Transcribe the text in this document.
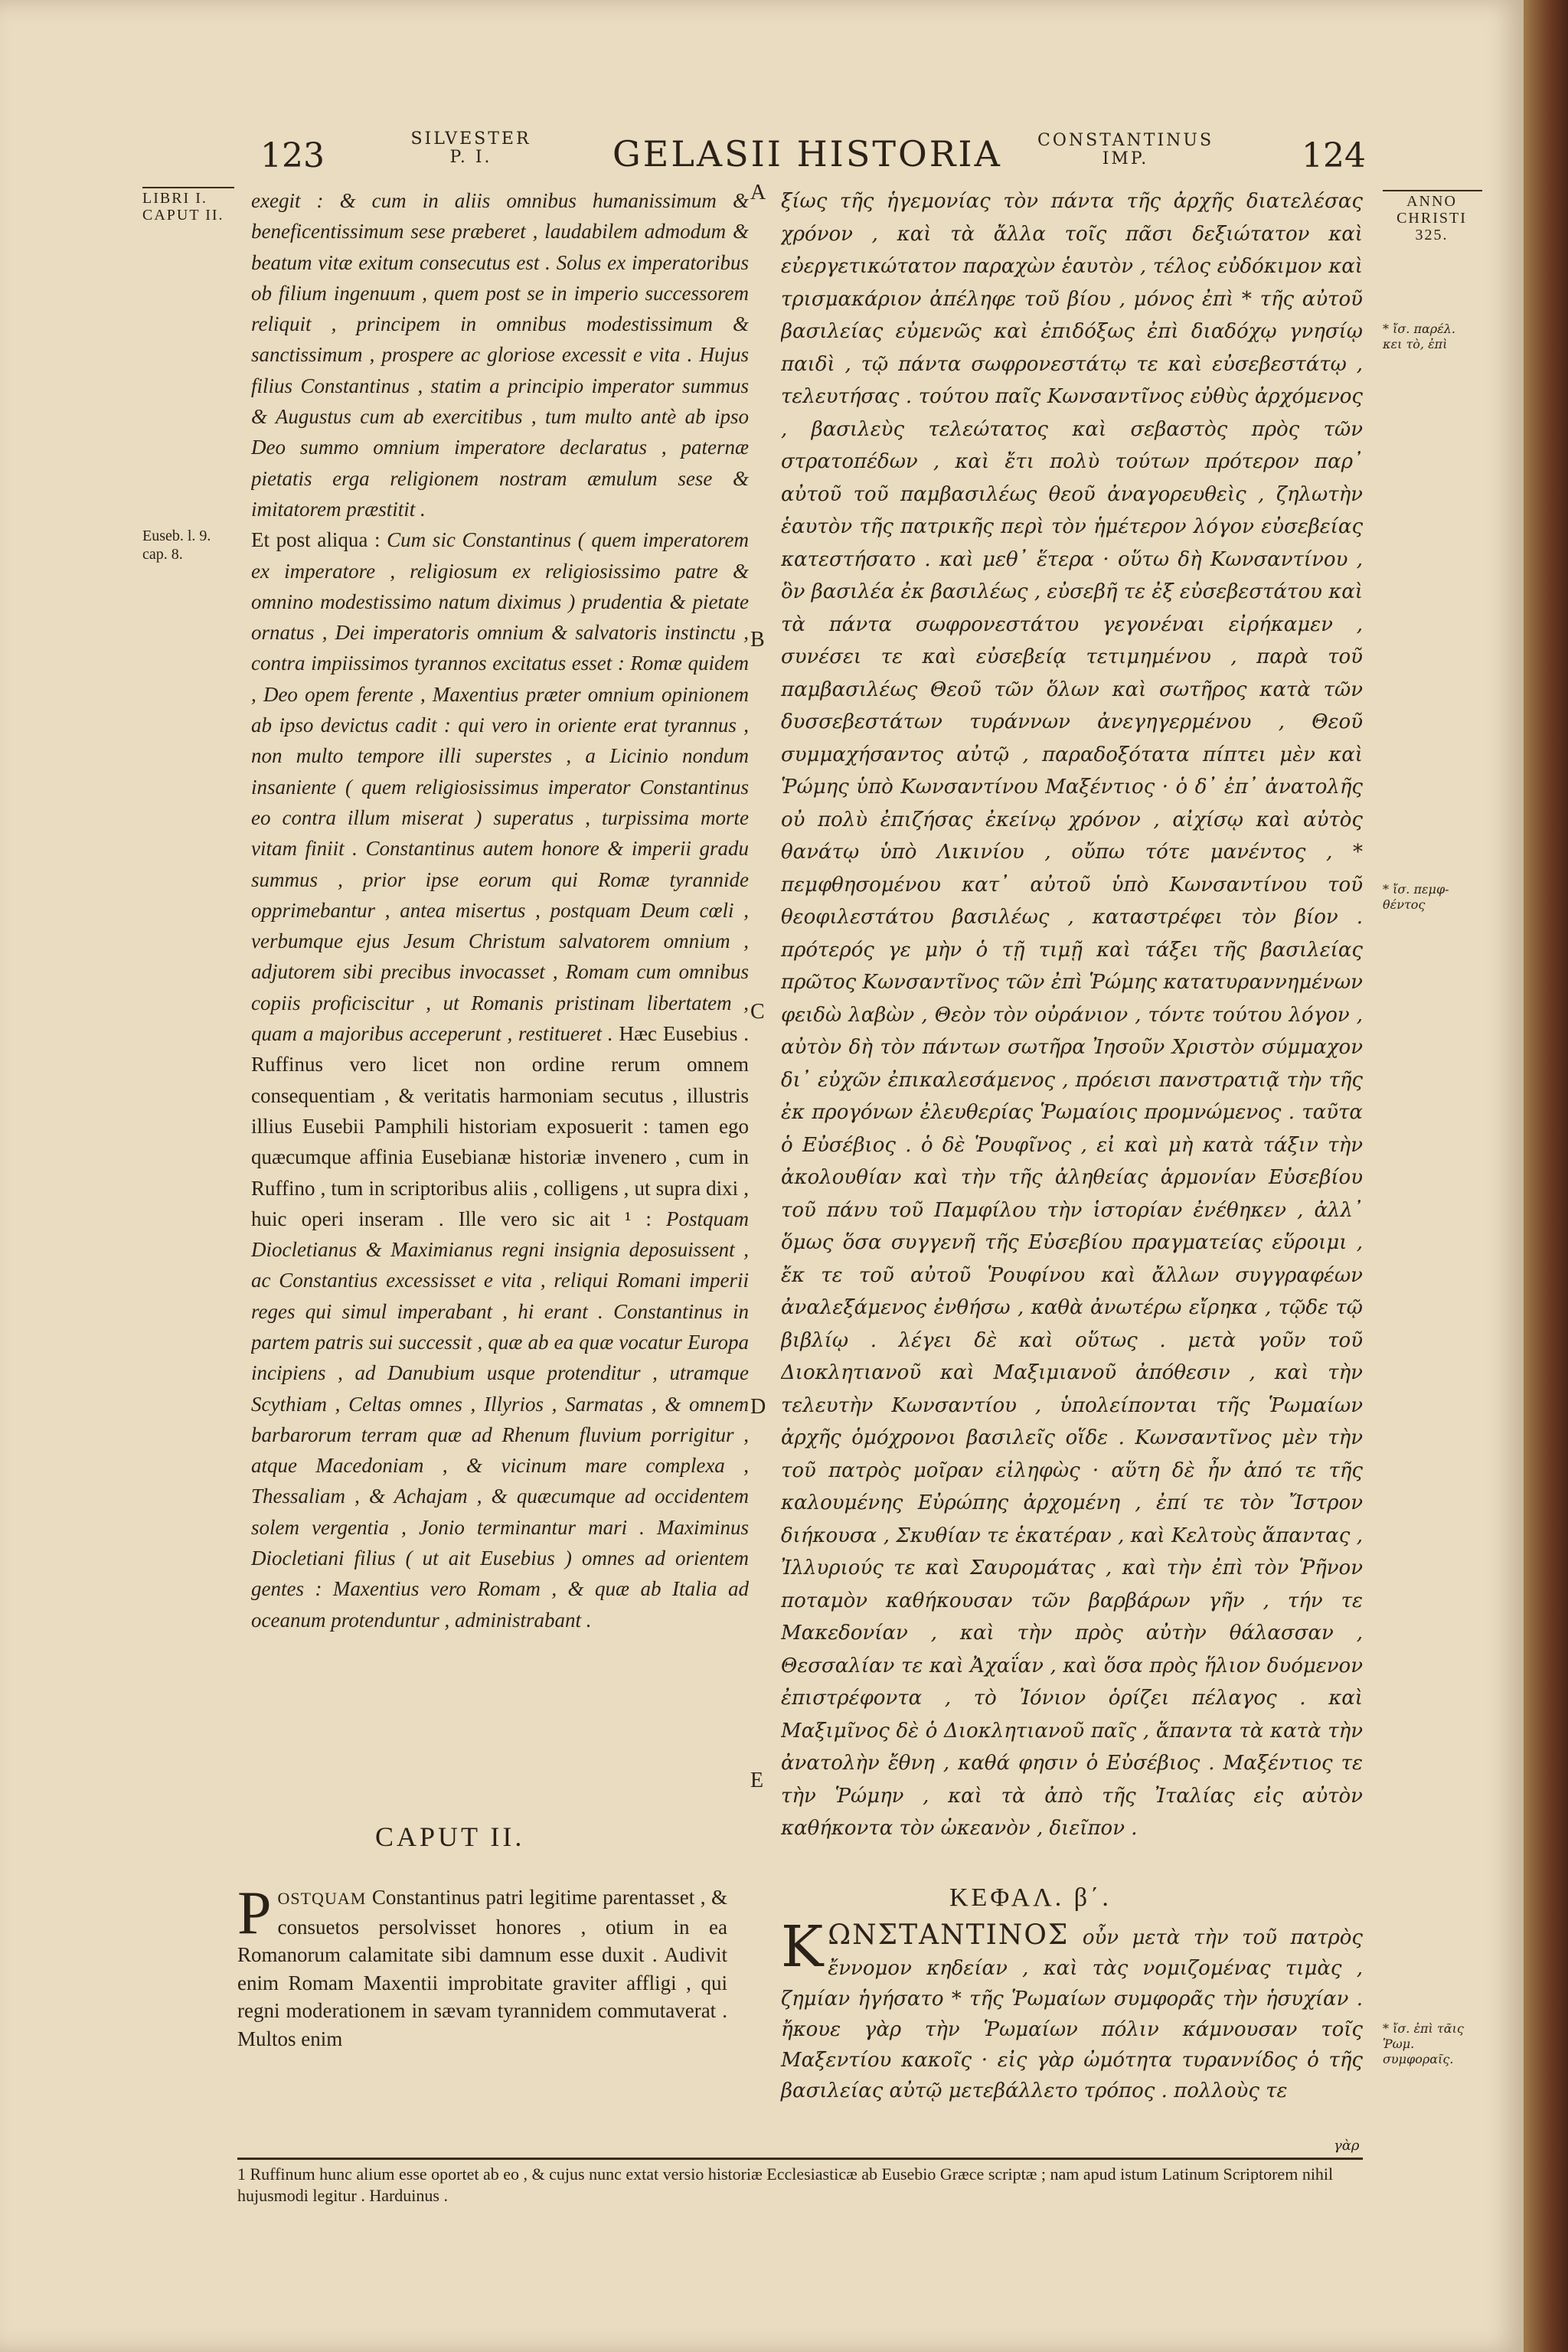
123	SILVESTER P. I.	GELASII HISTORIA	CONSTANTINUS IMP.	124
LIBRI I. CAPUT II.
Euseb. l. 9. cap. 8.
ANNO CHRISTI 325.
* ἴσ. παρέλ. κει τὸ, ἐπὶ
* ἴσ. πεμφ- θέντος
* ἴσ. ἐπὶ τᾶις Ῥωμ. συμφοραῖς.
A
B
C
D
E

exegit : & cum in aliis omnibus humanissimum & beneficentissimum sese præberet , laudabilem admodum & beatum vitæ exitum consecutus est . Solus ex imperatoribus ob filium ingenuum , quem post se in imperio successorem reliquit , principem in omnibus modestissimum & sanctissimum , prospere ac gloriose excessit e vita . Hujus filius Constantinus , statim a principio imperator summus & Augustus cum ab exercitibus , tum multo antè ab ipso Deo summo omnium imperatore declaratus , paternæ pietatis erga religionem nostram æmulum sese & imitatorem præstitit .

Et post aliqua : Cum sic Constantinus ( quem imperatorem ex imperatore , religiosum ex religiosissimo patre & omnino modestissimo natum diximus ) prudentia & pietate ornatus , Dei imperatoris omnium & salvatoris instinctu , contra impiissimos tyrannos excitatus esset : Romæ quidem , Deo opem ferente , Maxentius præter omnium opinionem ab ipso devictus cadit : qui vero in oriente erat tyrannus , non multo tempore illi superstes , a Licinio nondum insaniente ( quem religiosissimus imperator Constantinus eo contra illum miserat ) superatus , turpissima morte vitam finiit . Constantinus autem honore & imperii gradu summus , prior ipse eorum qui Romæ tyrannide opprimebantur , antea misertus , postquam Deum cœli , verbumque ejus Jesum Christum salvatorem omnium , adjutorem sibi precibus invocasset , Romam cum omnibus copiis proficiscitur , ut Romanis pristinam libertatem , quam a majoribus acceperunt , restitueret . Hæc Eusebius . Ruffinus vero licet non ordine rerum omnem consequentiam , & veritatis harmoniam secutus , illustris illius Eusebii Pamphili historiam exposuerit : tamen ego quæcumque affinia Eusebianæ historiæ invenero , cum in Ruffino , tum in scriptoribus aliis , colligens , ut supra dixi , huic operi inseram . Ille vero sic ait ¹ : Postquam Diocletianus & Maximianus regni insignia deposuissent , ac Constantius excessisset e vita , reliqui Romani imperii reges qui simul imperabant , hi erant . Constantinus in partem patris sui successit , quæ ab ea quæ vocatur Europa incipiens , ad Danubium usque protenditur , utramque Scythiam , Celtas omnes , Illyrios , Sarmatas , & omnem barbarorum terram quæ ad Rhenum fluvium porrigitur , atque Macedoniam , & vicinum mare complexa , Thessaliam , & Achajam , & quæcumque ad occidentem solem vergentia , Jonio terminantur mari . Maximinus Diocletiani filius ( ut ait Eusebius ) omnes ad orientem gentes : Maxentius vero Romam , & quæ ab Italia ad oceanum protenduntur , administrabant .

ξίως τῆς ἡγεμονίας τὸν πάντα τῆς ἀρχῆς διατελέσας χρόνον , καὶ τὰ ἄλλα τοῖς πᾶσι δεξιώτατον καὶ εὐεργετικώτατον παραχὼν ἑαυτὸν , τέλος εὐδόκιμον καὶ τρισμακάριον ἀπέληφε τοῦ βίου , μόνος ἐπὶ * τῆς αὐτοῦ βασιλείας εὐμενῶς καὶ ἐπιδόξως ἐπὶ διαδόχῳ γνησίῳ παιδὶ , τῷ πάντα σωφρονεστάτῳ τε καὶ εὐσεβεστάτῳ , τελευτήσας . τούτου παῖς Κωνσαντῖνος εὐθὺς ἀρχόμενος , βασιλεὺς τελεώτατος καὶ σεβαστὸς πρὸς τῶν στρατοπέδων , καὶ ἔτι πολὺ τούτων πρότερον παρ᾽ αὐτοῦ τοῦ παμβασιλέως θεοῦ ἀναγορευθεὶς , ζηλωτὴν ἑαυτὸν τῆς πατρικῆς περὶ τὸν ἡμέτερον λόγον εὐσεβείας κατεστήσατο . καὶ μεθ᾽ ἕτερα · οὕτω δὴ Κωνσαντίνου , ὃν βασιλέα ἐκ βασιλέως , εὐσεβῆ τε ἐξ εὐσεβεστάτου καὶ τὰ πάντα σωφρονεστάτου γεγονέναι εἰρήκαμεν , συνέσει τε καὶ εὐσεβείᾳ τετιμημένου , παρὰ τοῦ παμβασιλέως Θεοῦ τῶν ὅλων καὶ σωτῆρος κατὰ τῶν δυσσεβεστάτων τυράννων ἀνεγηγερμένου , Θεοῦ συμμαχήσαντος αὐτῷ , παραδοξότατα πίπτει μὲν καὶ Ῥώμης ὑπὸ Κωνσαντίνου Μαξέντιος · ὁ δ᾽ ἐπ᾽ ἀνατολῆς οὐ πολὺ ἐπιζήσας ἐκείνῳ χρόνον , αἰχίσῳ καὶ αὐτὸς θανάτῳ ὑπὸ Λικινίου , οὔπω τότε μανέντος , * πεμφθησομένου κατ᾽ αὐτοῦ ὑπὸ Κωνσαντίνου τοῦ θεοφιλεστάτου βασιλέως , καταστρέφει τὸν βίον . πρότερός γε μὴν ὁ τῇ τιμῇ καὶ τάξει τῆς βασιλείας πρῶτος Κωνσαντῖνος τῶν ἐπὶ Ῥώμης κατατυραννημένων φειδὼ λαβὼν , Θεὸν τὸν οὐράνιον , τόντε τούτου λόγον , αὐτὸν δὴ τὸν πάντων σωτῆρα Ἰησοῦν Χριστὸν σύμμαχον δι᾽ εὐχῶν ἐπικαλεσάμενος , πρόεισι πανστρατιᾷ τὴν τῆς ἐκ προγόνων ἐλευθερίας Ῥωμαίοις προμνώμενος . ταῦτα ὁ Εὐσέβιος . ὁ δὲ Ῥουφῖνος , εἰ καὶ μὴ κατὰ τάξιν τὴν ἀκολουθίαν καὶ τὴν τῆς ἀληθείας ἁρμονίαν Εὐσεβίου τοῦ πάνυ τοῦ Παμφίλου τὴν ἱστορίαν ἐνέθηκεν , ἀλλ᾽ ὅμως ὅσα συγγενῆ τῆς Εὐσεβίου πραγματείας εὕροιμι , ἔκ τε τοῦ αὐτοῦ Ῥουφίνου καὶ ἄλλων συγγραφέων ἀναλεξάμενος ἐνθήσω , καθὰ ἀνωτέρω εἴρηκα , τῷδε τῷ βιβλίῳ . λέγει δὲ καὶ οὕτως . μετὰ γοῦν τοῦ Διοκλητιανοῦ καὶ Μαξιμιανοῦ ἀπόθεσιν , καὶ τὴν τελευτὴν Κωνσαντίου , ὑπολείπονται τῆς Ῥωμαίων ἀρχῆς ὁμόχρονοι βασιλεῖς οἵδε . Κωνσαντῖνος μὲν τὴν τοῦ πατρὸς μοῖραν εἰληφὼς · αὕτη δὲ ἦν ἀπό τε τῆς καλουμένης Εὐρώπης ἀρχομένη , ἐπί τε τὸν Ἴστρον διήκουσα , Σκυθίαν τε ἑκατέραν , καὶ Κελτοὺς ἅπαντας , Ἰλλυριούς τε καὶ Σαυρομάτας , καὶ τὴν ἐπὶ τὸν Ῥῆνον ποταμὸν καθήκουσαν τῶν βαρβάρων γῆν , τήν τε Μακεδονίαν , καὶ τὴν πρὸς αὐτὴν θάλασσαν , Θεσσαλίαν τε καὶ Ἀχαΐαν , καὶ ὅσα πρὸς ἥλιον δυόμενον ἐπιστρέφοντα , τὸ Ἰόνιον ὁρίζει πέλαγος . καὶ Μαξιμῖνος δὲ ὁ Διοκλητιανοῦ παῖς , ἅπαντα τὰ κατὰ τὴν ἀνατολὴν ἔθνη , καθά φησιν ὁ Εὐσέβιος . Μαξέντιος τε τὴν Ῥώμην , καὶ τὰ ἀπὸ τῆς Ἰταλίας εἰς αὐτὸν καθήκοντα τὸν ὠκεανὸν , διεῖπον .

CAPUT II.
ΚΕΦΑΛ. β΄.
POSTQUAM Constantinus patri legitime parentasset , & consuetos persolvisset honores , otium in ea Romanorum calamitate sibi damnum esse duxit . Audivit enim Romam Maxentii improbitate graviter affligi , qui regni moderationem in sævam tyrannidem commutaverat . Multos enim
ΚΩΝΣΤΑΝΤΙΝΟΣ οὖν μετὰ τὴν τοῦ πατρὸς ἔννομον κηδείαν , καὶ τὰς νομιζομένας τιμὰς , ζημίαν ἡγήσατο * τῆς Ῥωμαίων συμφορᾶς τὴν ἡσυχίαν . ἤκουε γὰρ τὴν Ῥωμαίων πόλιν κάμνουσαν τοῖς Μαξεντίου κακοῖς · εἰς γὰρ ὠμότητα τυραννίδος ὁ τῆς βασιλείας αὐτῷ μετεβάλλετο τρόπος . πολλοὺς τε
γὰρ
1 Ruffinum hunc alium esse oportet ab eo , & cujus nunc extat versio historiæ Ecclesiasticæ ab Eusebio Græce scriptæ ; nam apud istum Latinum Scriptorem nihil hujusmodi legitur . Harduinus .
